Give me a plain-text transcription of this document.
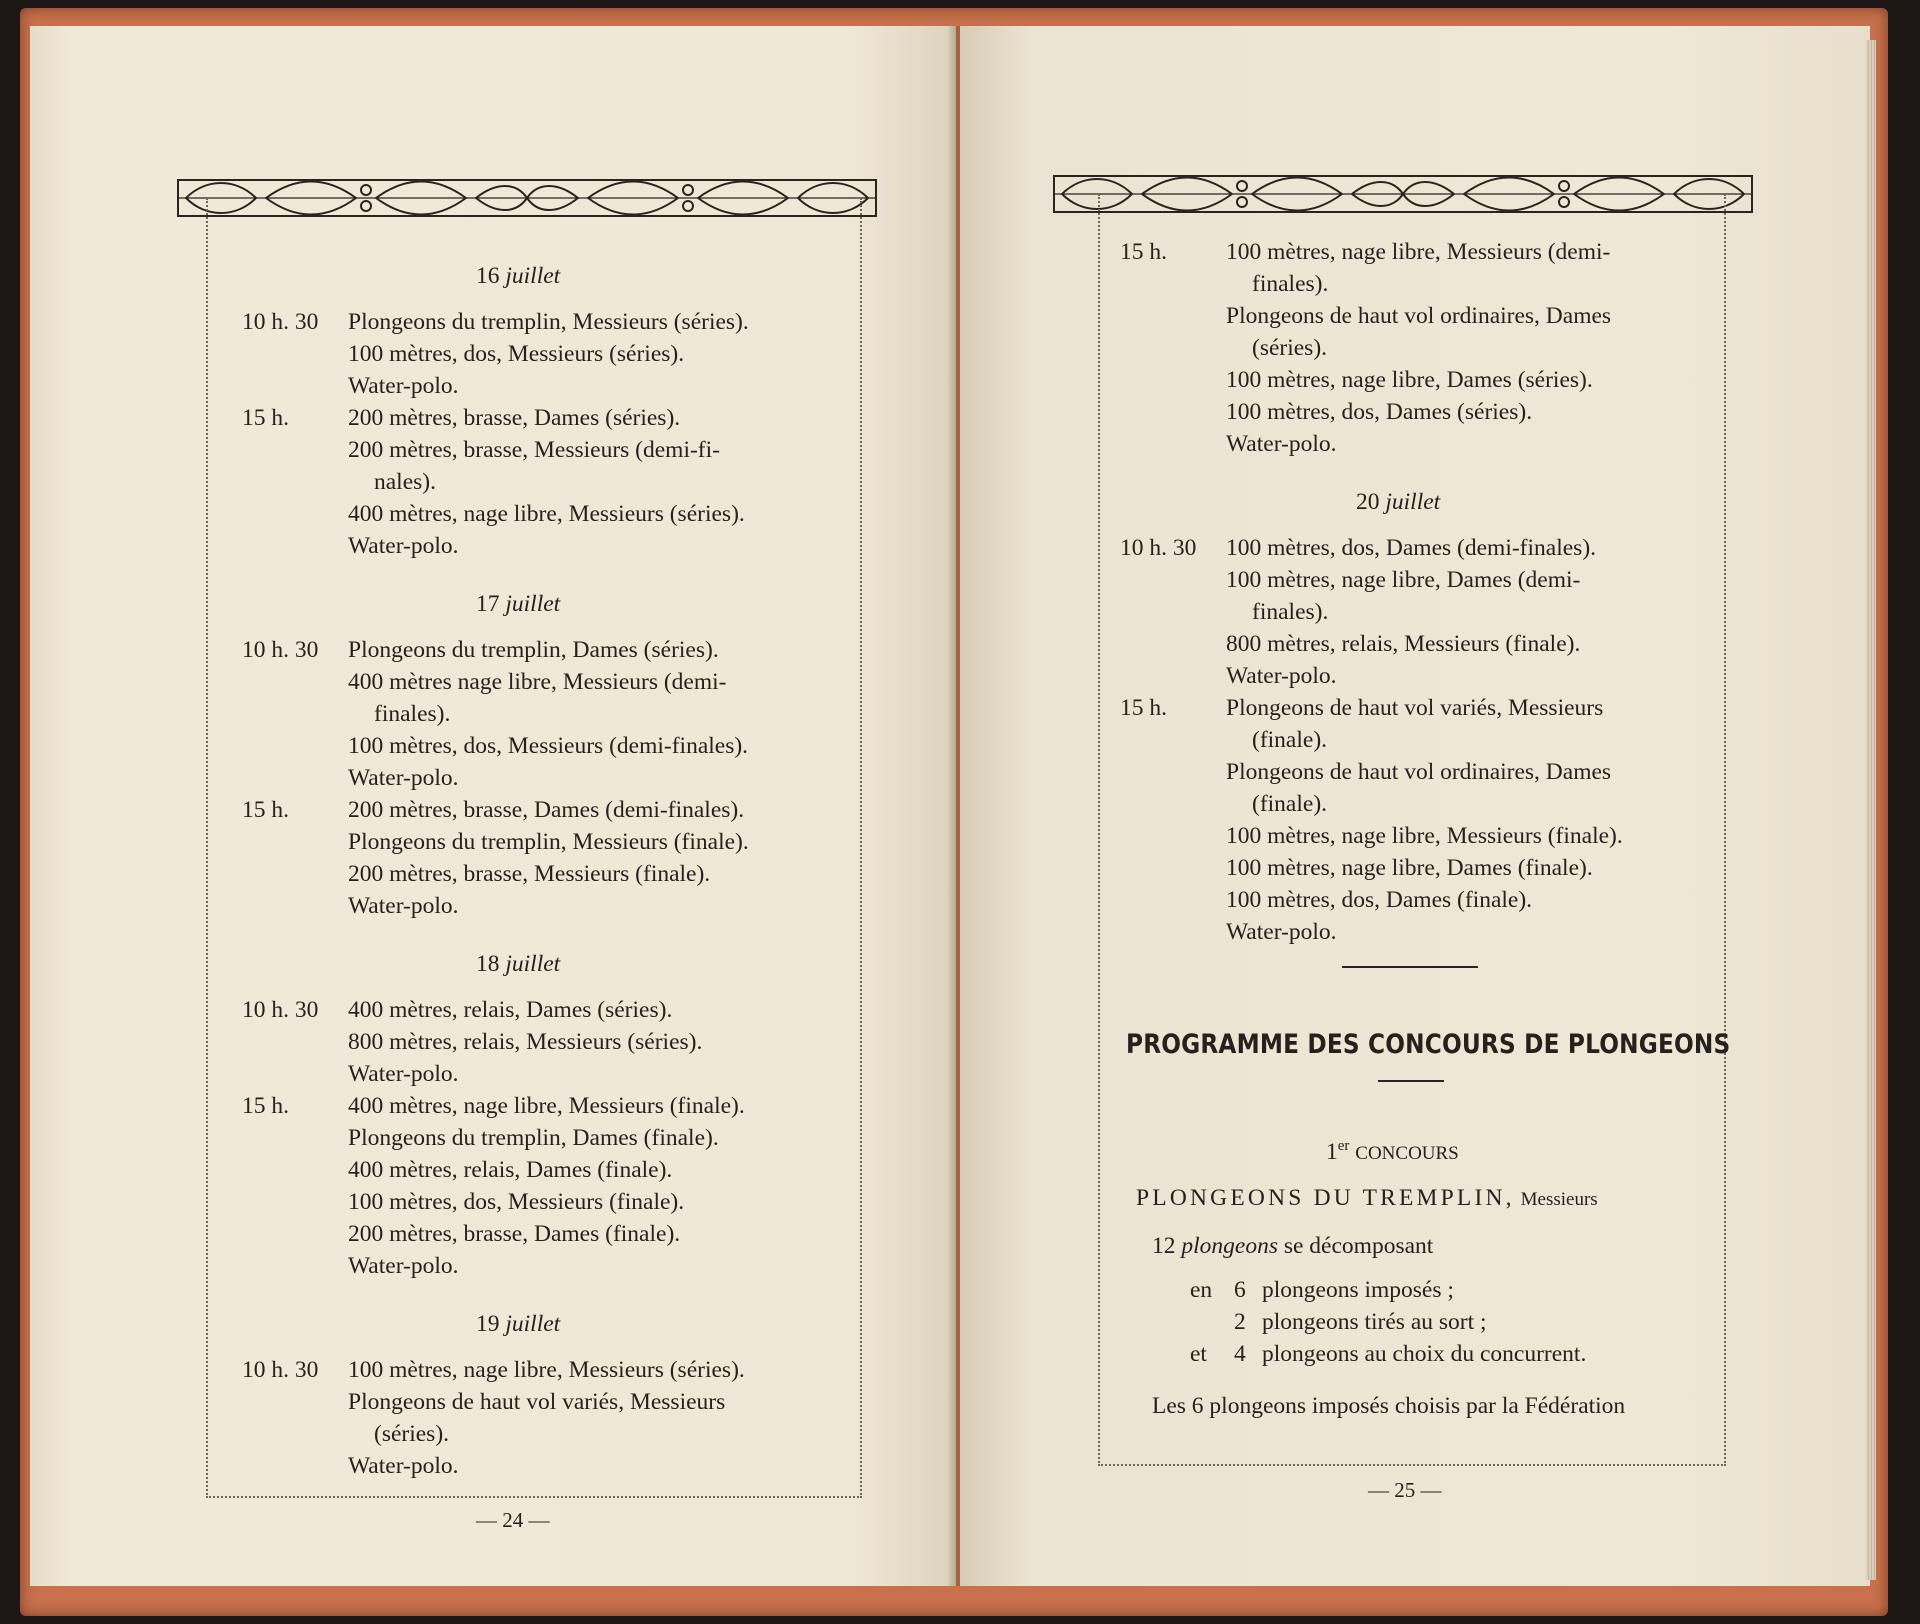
16 juillet
10 h. 30 Plongeons du tremplin, Messieurs (séries).
100 mètres, dos, Messieurs (séries).
Water-polo.
15 h.	200 mètres, brasse, Dames (séries).
200 mètres, brasse, Messieurs (demi-fi-
nales).
400 mètres, nage libre, Messieurs (séries).
Water-polo.
17 juillet
10 h. 30 Plongeons du tremplin, Dames (séries).
400 mètres nage libre, Messieurs (demi-
finales).
100 mètres, dos, Messieurs (demi-finales).
Water-polo.
15 h.	200 mètres, brasse, Dames (demi-finales).
Plongeons du tremplin, Messieurs (finale).
200 mètres, brasse, Messieurs (finale).
Water-polo.
18 juillet
10 h. 30 400 mètres, relais, Dames (séries).
800 mètres, relais, Messieurs (séries).
Water-polo.
15 h.	400 mètres, nage libre, Messieurs (finale).
Plongeons du tremplin, Dames (finale).
400 mètres, relais, Dames (finale).
100 mètres, dos, Messieurs (finale).
200 mètres, brasse, Dames (finale).
Water-polo.
19 juillet
10 h. 30 100 mètres, nage libre, Messieurs (séries).
Plongeons de haut vol variés, Messieurs
(séries).
Water-polo.
— 24 —
15 h.	100 mètres, nage libre, Messieurs (demi-
finales).
Plongeons de haut vol ordinaires, Dames
(séries).
100 mètres, nage libre, Dames (séries).
100 mètres, dos, Dames (séries).
Water-polo.
20 juillet
10 h. 30 100 mètres, dos, Dames (demi-finales).
100 mètres, nage libre, Dames (demi-
finales).
800 mètres, relais, Messieurs (finale).
Water-polo.
15 h.	Plongeons de haut vol variés, Messieurs
(finale).
Plongeons de haut vol ordinaires, Dames
(finale).
100 mètres, nage libre, Messieurs (finale).
100 mètres, nage libre, Dames (finale).
100 mètres, dos, Dames (finale).
Water-polo.
PROGRAMME DES CONCOURS DE PLONGEONS
1er CONCOURS
PLONGEONS DU TREMPLIN, Messieurs
12 plongeons se décomposant
en 6 plongeons imposés ;
2 plongeons tirés au sort ;
et 4 plongeons au choix du concurrent.
Les 6 plongeons imposés choisis par la Fédération
— 25 —
